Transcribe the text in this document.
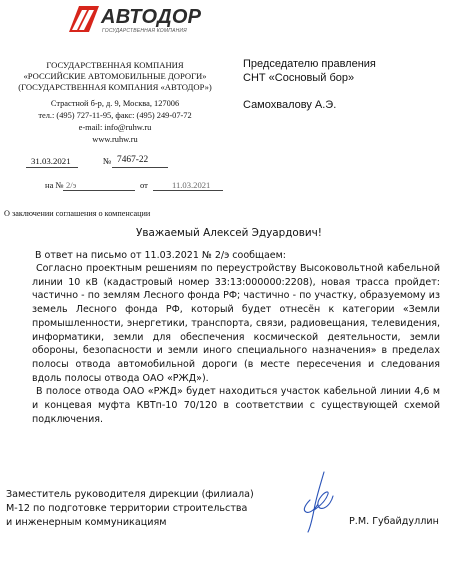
АВТОДОР
ГОСУДАРСТВЕННАЯ КОМПАНИЯ
ГОСУДАРСТВЕННАЯ КОМПАНИЯ
«РОССИЙСКИЕ АВТОМОБИЛЬНЫЕ ДОРОГИ»
(ГОСУДАРСТВЕННАЯ КОМПАНИЯ «АВТОДОР»)
Страстной б-р, д. 9, Москва, 127006
тел.: (495) 727-11-95, факс: (495) 249-07-72
e-mail: info@ruhw.ru
www.ruhw.ru
Председателю правления
СНТ «Сосновый бор»
Самохвалову А.Э.
31.03.2021	№ 7467-22
на № 2/э	от	11.03.2021
О заключении соглашения о компенсации
Уважаемый Алексей Эдуардович!
В ответ на письмо от 11.03.2021 № 2/э сообщаем:

Согласно проектным решениям по переустройству Высоковольтной кабельной линии 10 кВ (кадастровый номер 33:13:000000:2208), новая трасса пройдет: частично - по землям Лесного фонда РФ; частично - по участку, образуемому из земель Лесного фонда РФ, который будет отнесён к категории «Земли промышленности, энергетики, транспорта, связи, радиовещания, телевидения, информатики, земли для обеспечения космической деятельности, земли обороны, безопасности и земли иного специального назначения» в пределах полосы отвода автомобильной дороги (в месте пересечения и следования вдоль полосы отвода ОАО «РЖД»).

В полосе отвода ОАО «РЖД» будет находиться участок кабельной линии 4,6 м и концевая муфта КВТп-10 70/120 в соответствии с существующей схемой подключения.

Заместитель руководителя дирекции (филиала)
М-12 по подготовке территории строительства
и инженерным коммуникациям	Р.М. Губайдуллин
